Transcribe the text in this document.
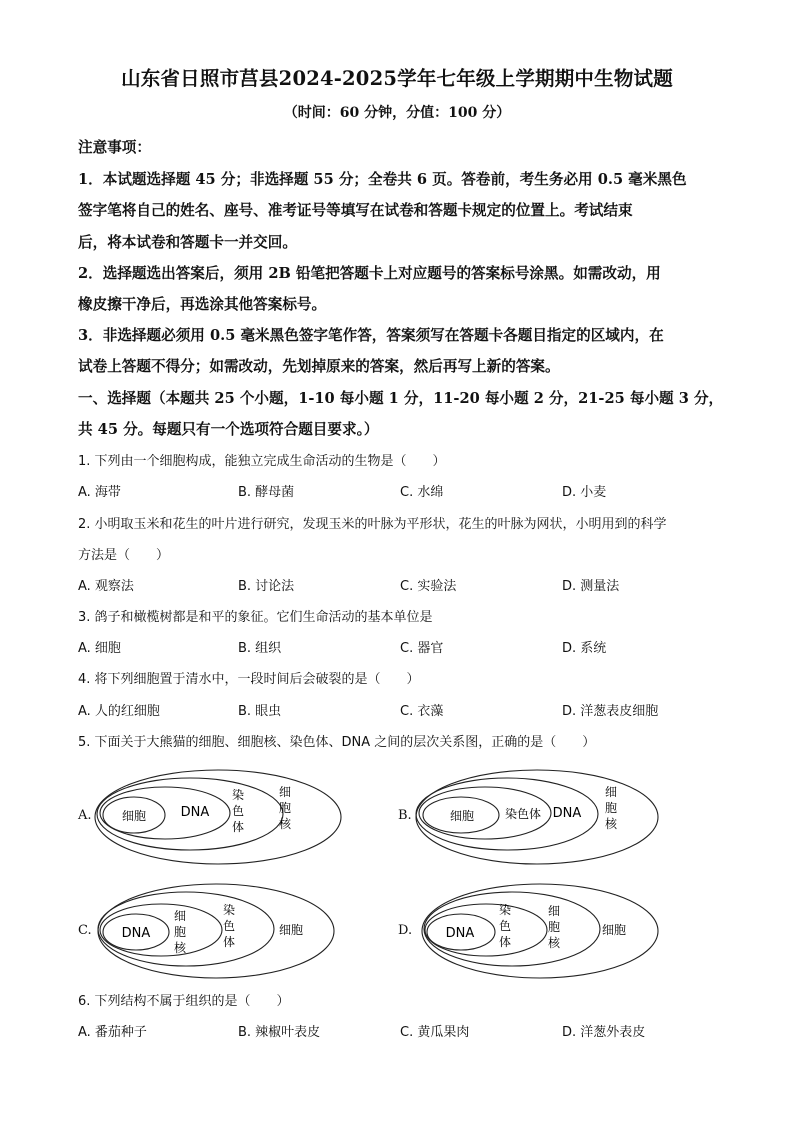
山东省日照市莒县2024-2025学年七年级上学期期中生物试题
（时间：60 分钟，分值：100 分）
注意事项：
1．本试题选择题 45 分；非选择题 55 分；全卷共 6 页。答卷前，考生务必用 0.5 毫米黑色
签字笔将自己的姓名、座号、准考证号等填写在试卷和答题卡规定的位置上。考试结束
后，将本试卷和答题卡一并交回。
2．选择题选出答案后，须用 2B 铅笔把答题卡上对应题号的答案标号涂黑。如需改动，用
橡皮擦干净后，再选涂其他答案标号。
3．非选择题必须用 0.5 毫米黑色签字笔作答，答案须写在答题卡各题目指定的区域内，在
试卷上答题不得分；如需改动，先划掉原来的答案，然后再写上新的答案。
一、选择题（本题共 25 个小题，1-10 每小题 1 分，11-20 每小题 2 分，21-25 每小题 3 分，
共 45 分。每题只有一个选项符合题目要求。）
1. 下列由一个细胞构成，能独立完成生命活动的生物是（　　）
A. 海带	B. 酵母菌	C. 水绵	D. 小麦
2. 小明取玉米和花生的叶片进行研究，发现玉米的叶脉为平形状，花生的叶脉为网状，小明用到的科学
方法是（　　）
A. 观察法	B. 讨论法	C. 实验法	D. 测量法
3. 鸽子和橄榄树都是和平的象征。它们生命活动的基本单位是
A. 细胞	B. 组织	C. 器官	D. 系统
4. 将下列细胞置于清水中，一段时间后会破裂的是（　　）
A. 人的红细胞	B. 眼虫	C. 衣藻	D. 洋葱表皮细胞
5. 下面关于大熊猫的细胞、细胞核、染色体、DNA 之间的层次关系图，正确的是（　　）
A.	细胞	DNA
染
色
体
细
胞
核
B.	细胞	染色体 DNA
细
胞
核
C. DNA
细
胞
核
染
色
体
细胞	D.	DNA
染
色
体
细
胞
核
细胞
6. 下列结构不属于组织的是（　　）
A. 番茄种子	B. 辣椒叶表皮	C. 黄瓜果肉	D. 洋葱外表皮
